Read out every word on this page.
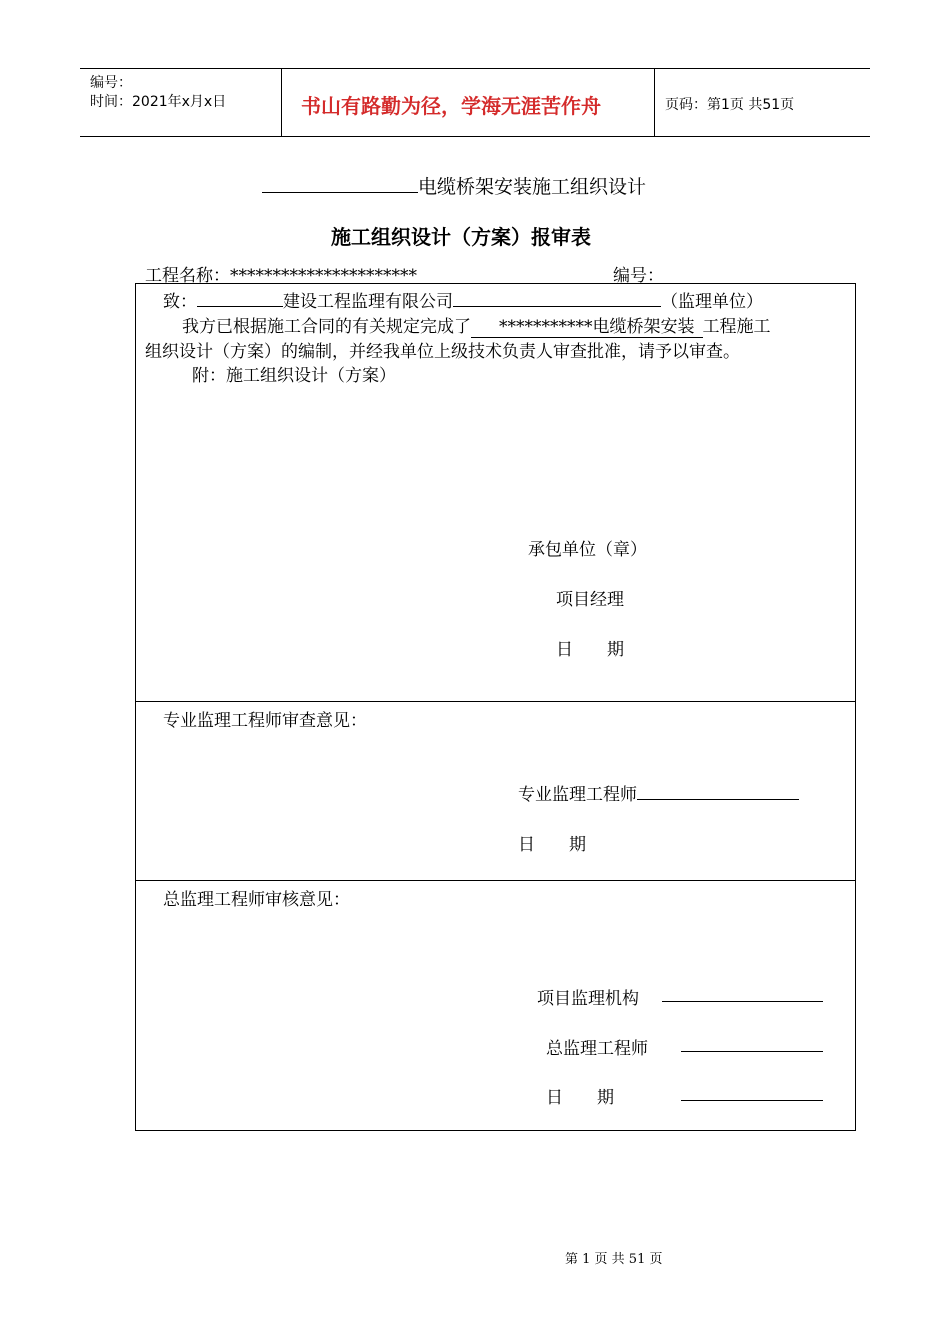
编号：
时间：2021年x月x日	书山有路勤为径，学海无涯苦作舟	页码：第1页 共51页
电缆桥架安装施工组织设计
施工组织设计（方案）报审表
工程名称：**********************	编号：
致：	建设工程监理有限公司	（监理单位）
我方已根据施工合同的有关规定完成了 ***********电缆桥架安装 工程施工
组织设计（方案）的编制，并经我单位上级技术负责人审查批准，请予以审查。
附：施工组织设计（方案）
承包单位（章）
项目经理
日　　期
专业监理工程师审查意见：
专业监理工程师
日　　期
总监理工程师审核意见：
项目监理机构
总监理工程师
日　　期
第 1 页 共 51 页
